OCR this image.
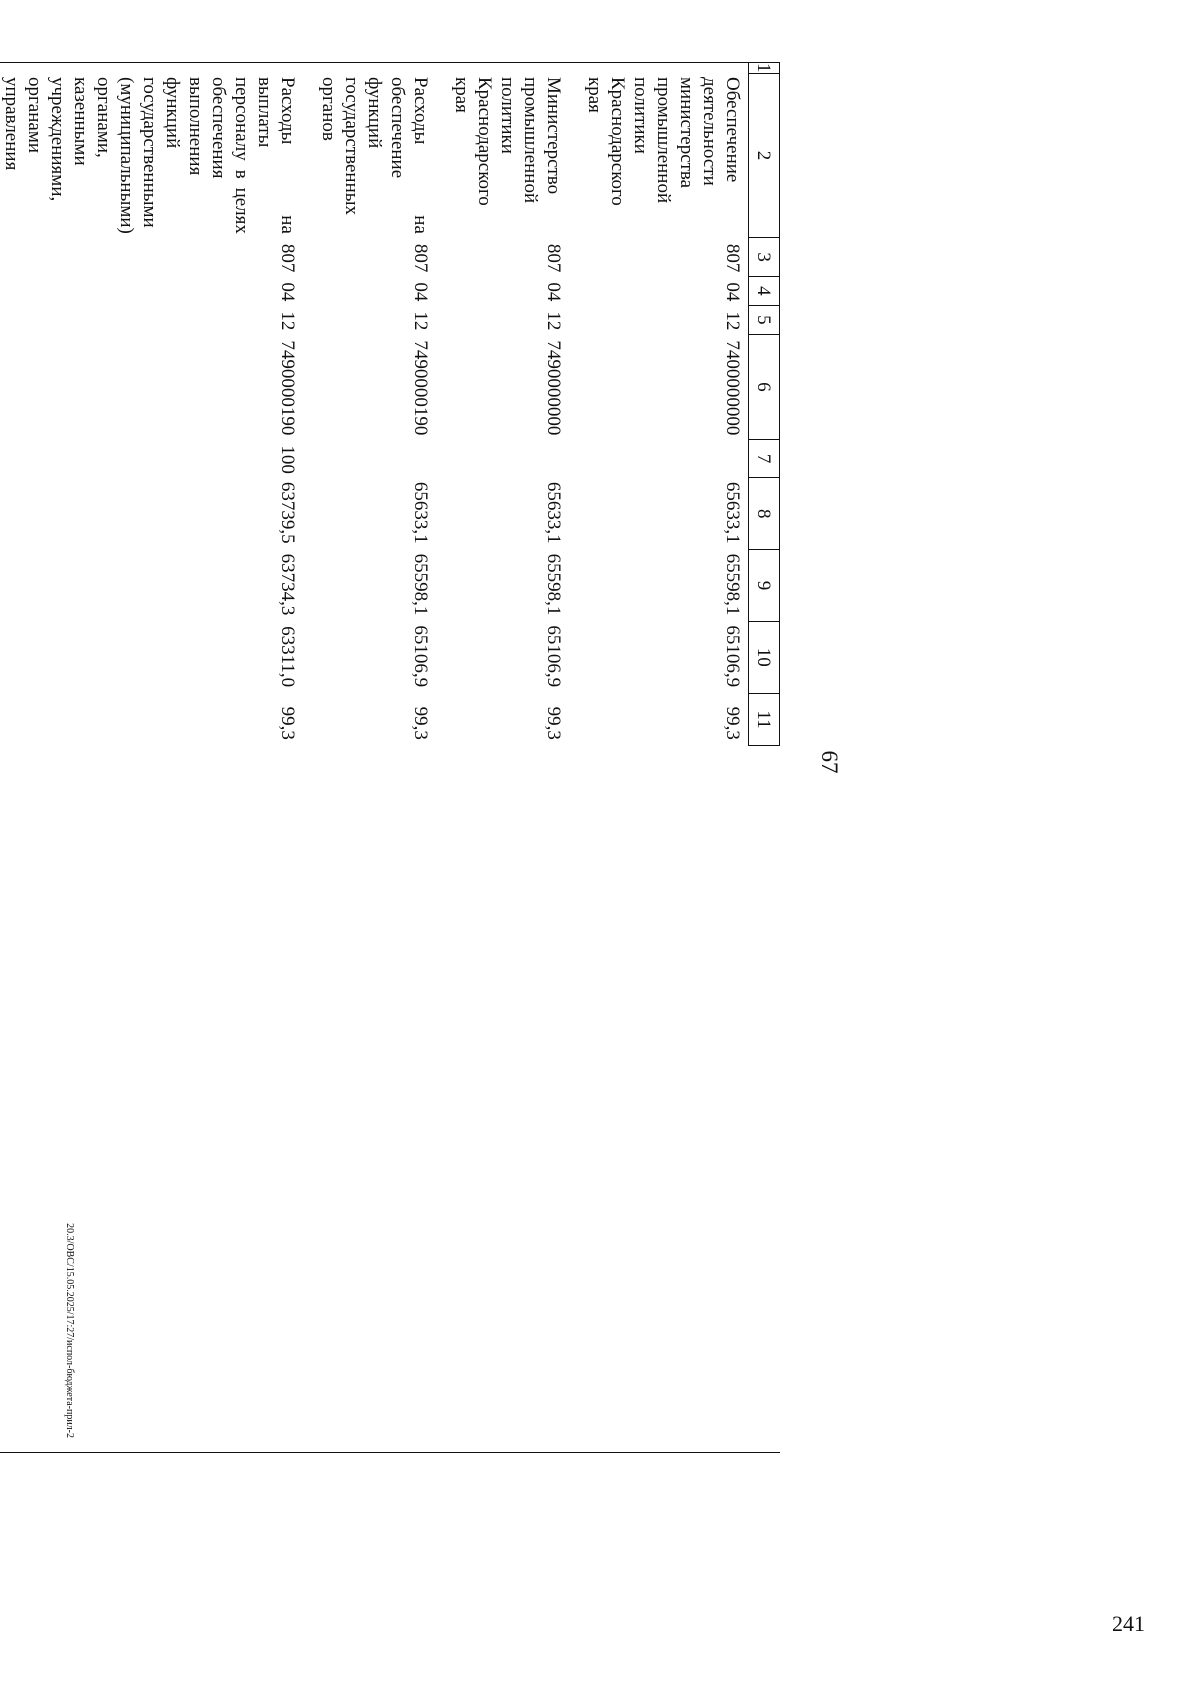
67
1	2	3	4	5	6	7	8	9	10	11
	Обеспечение деятельности министерства промышленной политики Краснодарского края	807	04	12	7400000000		65633,1	65598,1	65106,9	99,3
	Министерство промышленной политики Краснодарского края	807	04	12	7490000000		65633,1	65598,1	65106,9	99,3
	Расходы на обеспечение функций государственных органов	807	04	12	7490000190		65633,1	65598,1	65106,9	99,3
	Расходы на выплаты персоналу в целях обеспечения выполнения функций государственными (муниципальными) органами, казенными учреждениями, органами управления	807	04	12	7490000190	100	63739,5	63734,3	63311,0	99,3

20.3/ОВС/15.05.2025/17:27/испол-бюджета-прил-2
241
